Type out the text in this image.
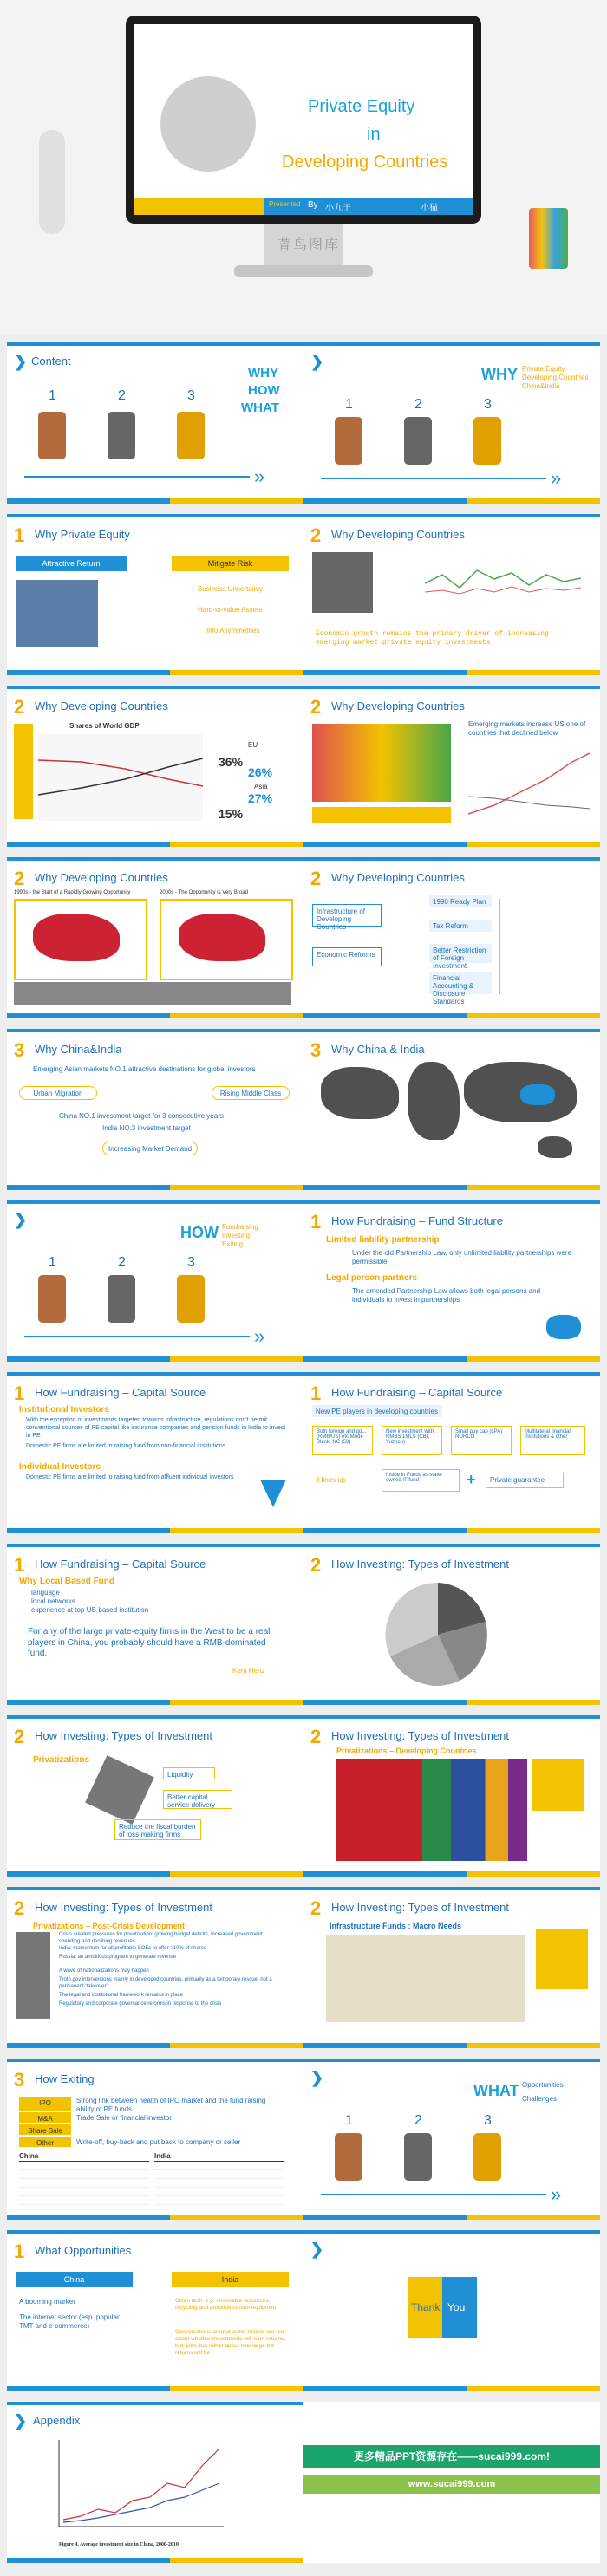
Private Equity
in
Developing Countries
Presented By 小九子	小猫
菁鸟图库
❯ Content
WHY
HOW
WHAT
1	2	3
»
❯
WHY Private Equity
Developing Countries
China&India
1	2	3
»
1 Why Private Equity
Attractive Return	Mitigate Risk
Business Uncertainty
Hard-to-value Assets
Info Asymmetries
2 Why Developing Countries
Economic growth remains the primary driver of increasing emerging market private equity investments
2 Why Developing Countries
Shares of World GDP
36%
26%
27%
15%
EU
Asia
2 Why Developing Countries
Emerging markets increase US one of countries that declined below
2 Why Developing Countries
1990s - the Start of a Rapidly Growing Opportunity	2000s - The Opportunity is Very Broad
2 Why Developing Countries
Infrastructure of Developing Countries
Economic Reforms
1990 Ready Plan
Tax Reform
Better Restriction of Foreign Investment
Financial Accounting & Disclosure Standards
3 Why China&India
Emerging Asian markets NO.1 attractive destinations for global investors
Urban Migration	Rising Middle Class
China NO.1 investment target for 3 consecutive years
India NO.3 investment target
Increasing Market Demand
3 Why China & India
❯
HOW Fundraising
Investing
Exiting
1	2	3
»
1 How Fundraising – Fund Structure
Limited liability partnership
Under the old Partnership Law, only unlimited liability partnerships were permissible.
Legal person partners
The amended Partnership Law allows both legal persons and individuals to invest in partnerships
1 How Fundraising – Capital Source
Institutional Investors
With the exception of investments targeted towards infrastructure, regulations don't permit conventional sources of PE capital like insurance companies and pension funds in India to invest in PE
Domestic PE firms are limited to raising fund from non-financial institutions
Individual Investors
Domestic PE firms are limited to raising fund from affluent individual investors
1 How Fundraising – Capital Source
New PE players in developing countries
Both foreign and go... (RMB/US) etc Mode Blank, NC (59)
New investment with RMBS 1MLS (CBI, Yuzhou)
Small guy cap (LPA) NORCO
Multilateral financial institutions & other
3 lines up
Inside in Funds as state-owned IT fund	+	Private guarantee
1 How Fundraising – Capital Source
Why Local Based Fund
language
local networks
experience at top US-based institution
For any of the large private-equity firms in the West to be a real players in China, you probably should have a RMB-dominated fund.
Kent Hertz
2 How Investing: Types of Investment
2 How Investing: Types of Investment
Privatizations
Liquidity
Better capital service delivery
Reduce the fiscal burden of loss-making firms
2 How Investing: Types of Investment
Privatizations – Developing Countries
2 How Investing: Types of Investment
Privatizations – Post-Crisis Development
Crisis created pressures for privatization: growing budget deficits, increased government spending and declining revenues
India: momentum for all profitable SOEs to offer >10% of shares
Russia: an ambitious program to generate revenue
A wave of nationalizations may happen
Troth gov interventions mainly in developed countries, primarily as a temporary rescue, not a permanent 'takeover'
The legal and institutional framework remains in place
Regulatory and corporate governance reforms in response to the crisis
2 How Investing: Types of Investment
Infrastructure Funds : Macro Needs
3 How Exiting
IPO	Strong link between health of IPO market and the fund raising ability of PE funds
M&A	Trade Sale or financial investor
Share Sale
Other	Write-off, buy-back and put back to company or seller
China	India
❯
WHAT Opportunities
Challenges
1	2	3
»
1 What Opportunities
China	India
A booming market
The internet sector (esp. popular TMT and e-commerce)
Clean tech: e.g. renewable resources, recycling and pollution-control equipment
Conversations around water-related are not about whether investments will earn returns, but, jolts, but rather about how large the returns will be
❯
Thank You
❯ Appendix
Figure 4. Average investment size in China, 2000-2010
更多精品PPT资源存在——sucai999.com!
www.sucai999.com
